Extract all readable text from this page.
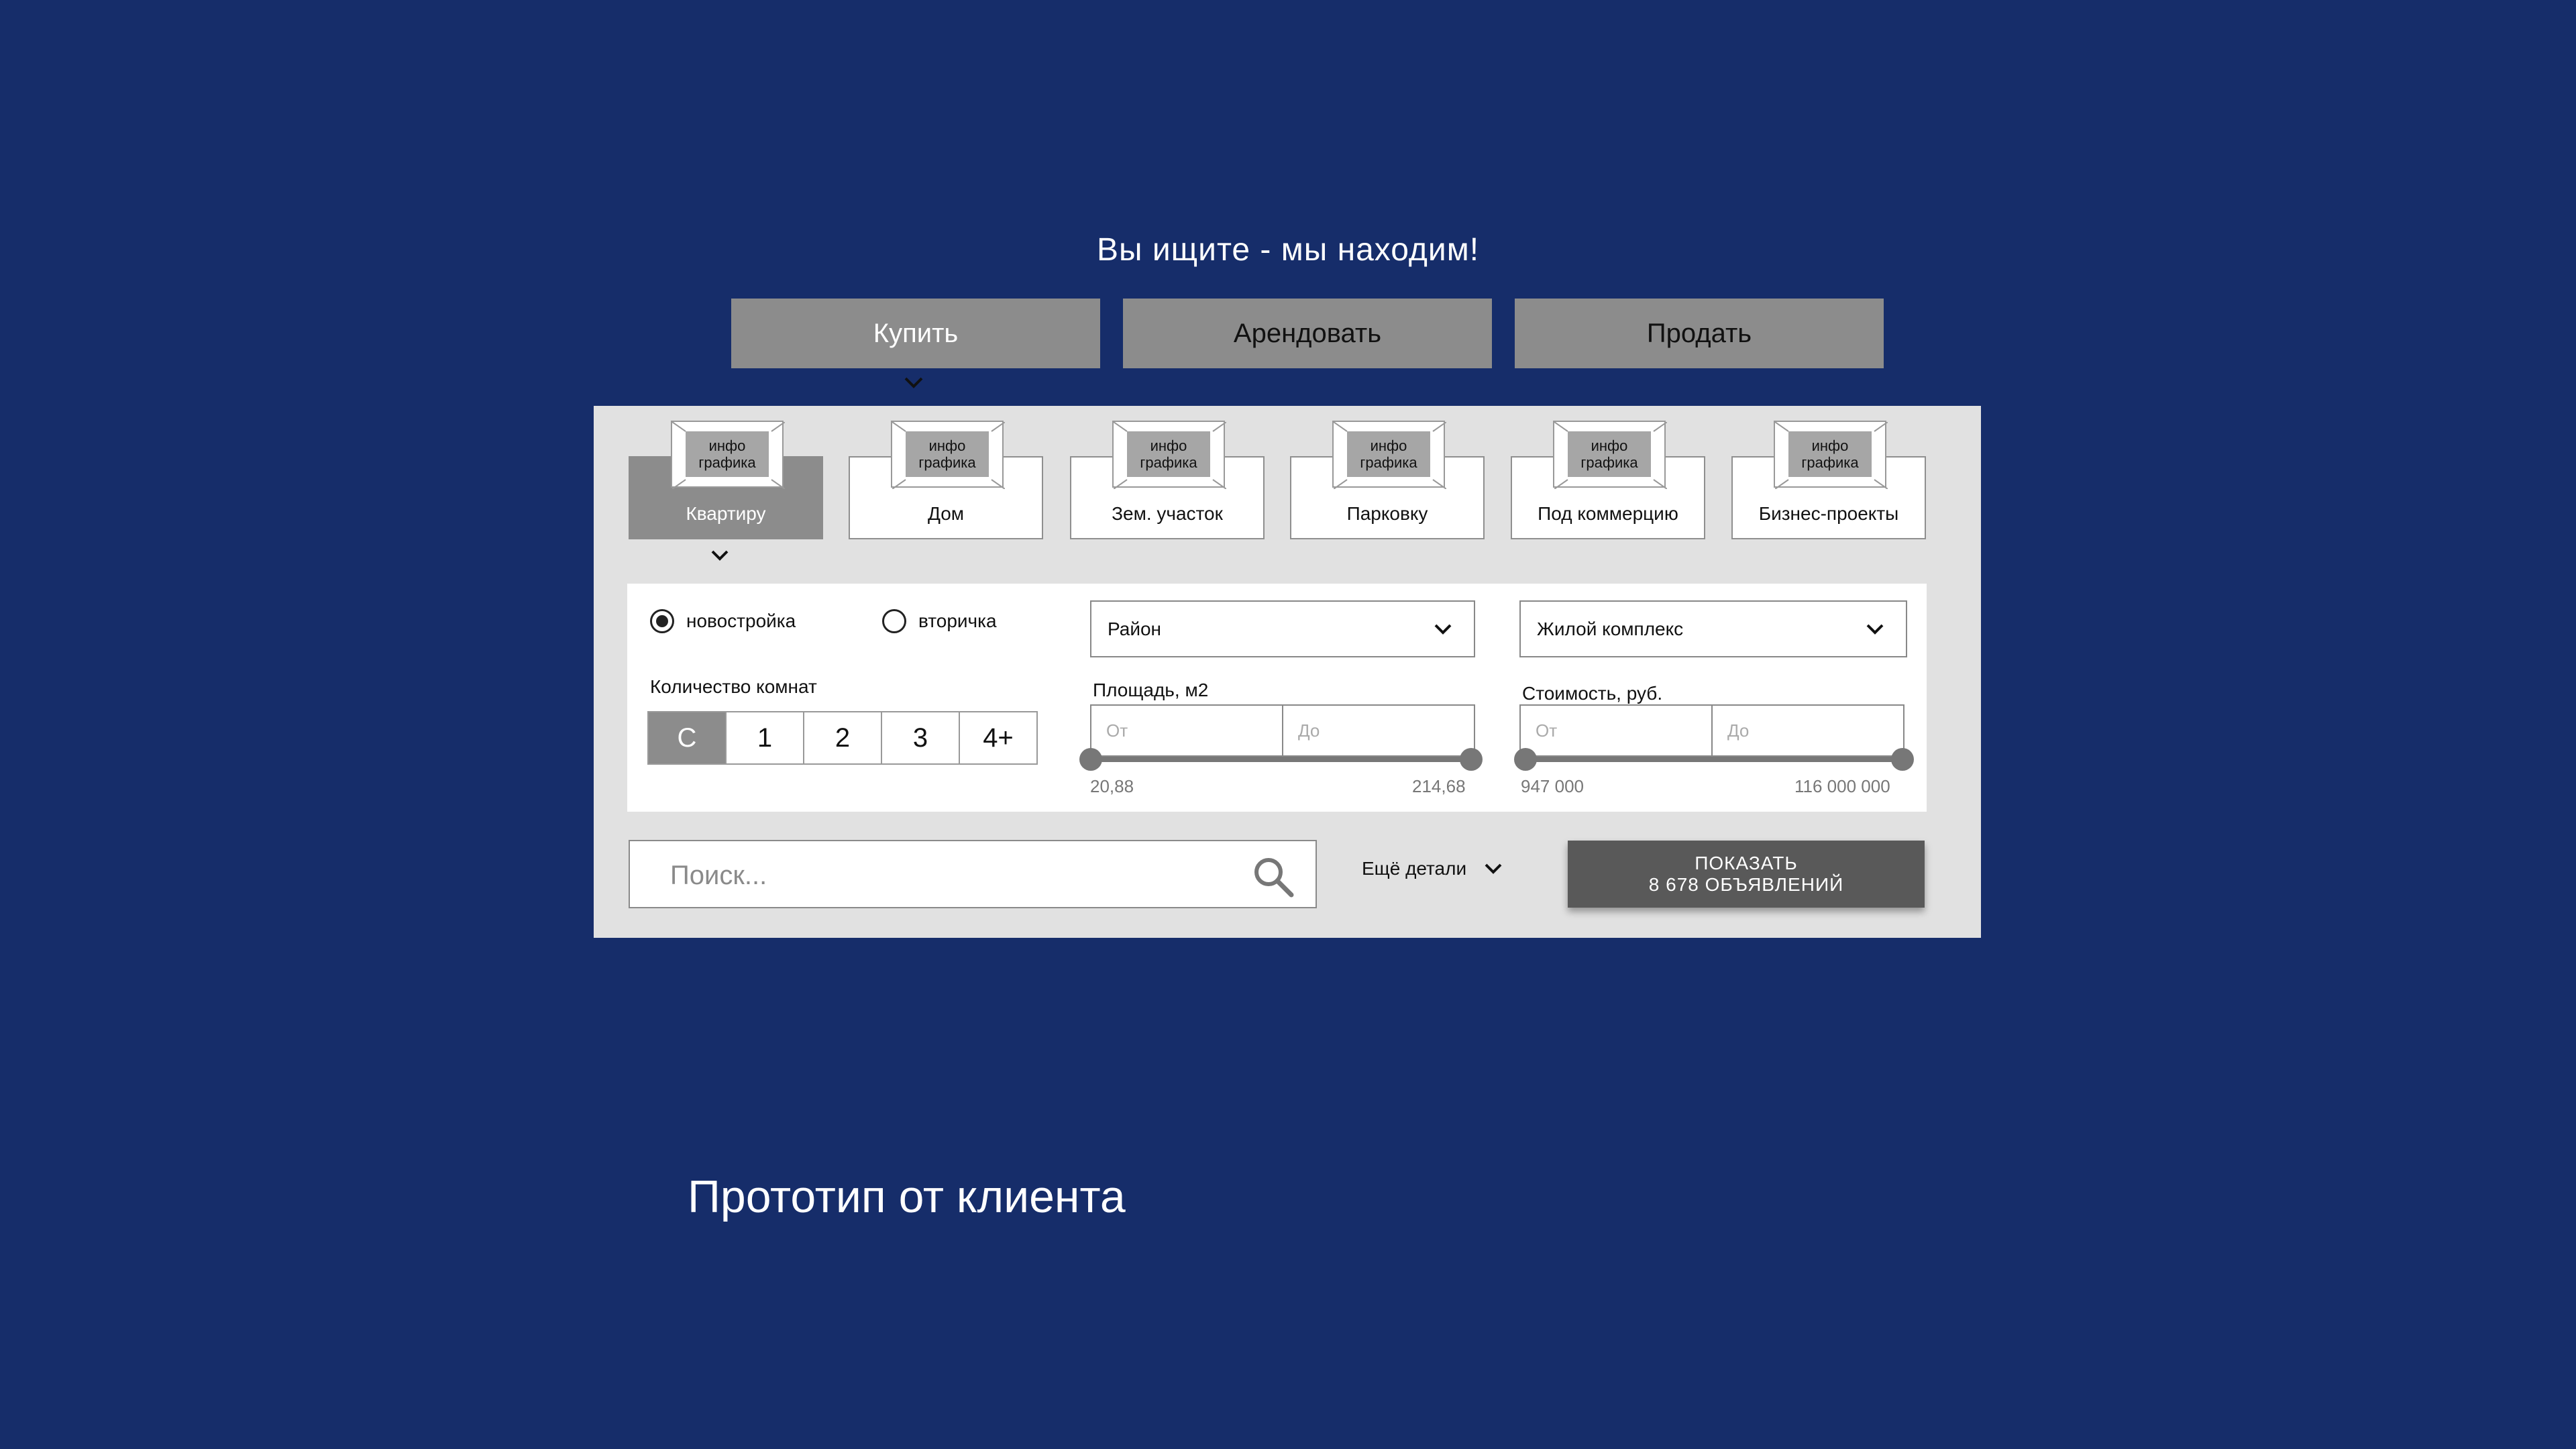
Вы ищите - мы находим!
Купить	Арендовать	Продать
инфо
графика
Квартиру
инфо
графика
Дом
инфо
графика
Зем. участок
инфо
графика
Парковку
инфо
графика
Под коммерцию
инфо
графика
Бизнес-проекты
новостройка	вторичка
Количество комнат
С	1	2	3	4+
Район	Жилой комплекс
Площадь, м2
От	До
20,88	214,68
Стоимость, руб.
От	До
947 000	116 000 000
Поиск...
Ещё детали	ПОКАЗАТЬ
8 678 ОБЪЯВЛЕНИЙ
Прототип от клиента
